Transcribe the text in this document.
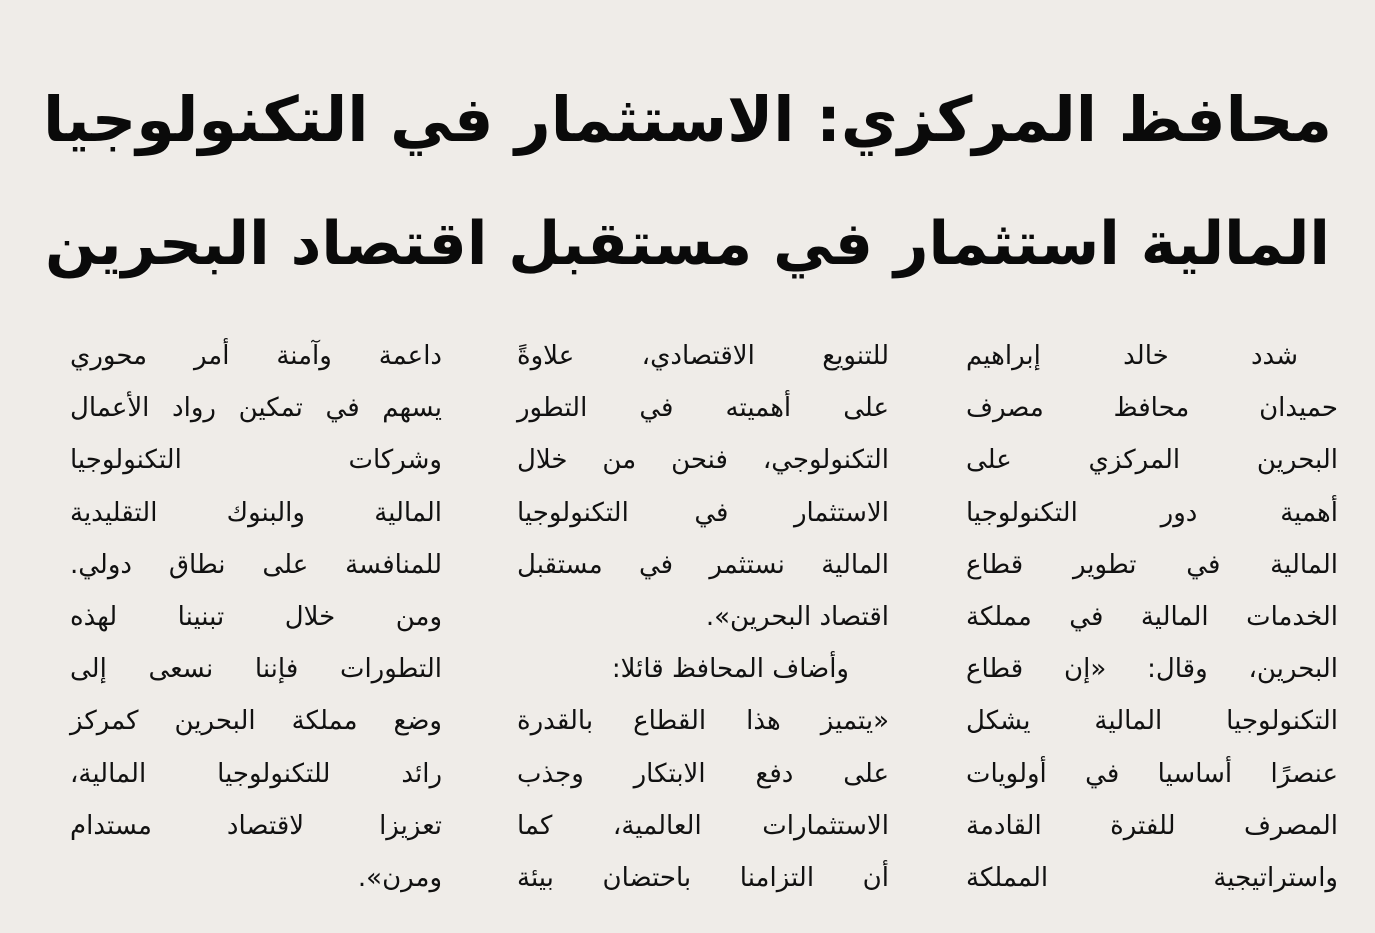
محافظ المركزي: الاستثمار في التكنولوجيا
المالية استثمار في مستقبل اقتصاد البحرين
شدد خالد إبراهيم
حميدان محافظ مصرف
البحرين المركزي على
أهمية دور التكنولوجيا
المالية في تطوير قطاع
الخدمات المالية في مملكة
البحرين، وقال: «إن قطاع
التكنولوجيا المالية يشكل
عنصرًا أساسيا في أولويات
المصرف للفترة القادمة
واستراتيجية المملكة
للتنويع الاقتصادي، علاوةً
على أهميته في التطور
التكنولوجي، فنحن من خلال
الاستثمار في التكنولوجيا
المالية نستثمر في مستقبل
اقتصاد البحرين».
وأضاف المحافظ قائلا:
«يتميز هذا القطاع بالقدرة
على دفع الابتكار وجذب
الاستثمارات العالمية، كما
أن التزامنا باحتضان بيئة
داعمة وآمنة أمر محوري
يسهم في تمكين رواد الأعمال
وشركات التكنولوجيا
المالية والبنوك التقليدية
للمنافسة على نطاق دولي.
ومن خلال تبنينا لهذه
التطورات فإننا نسعى إلى
وضع مملكة البحرين كمركز
رائد للتكنولوجيا المالية،
تعزيزا لاقتصاد مستدام
ومرن».
